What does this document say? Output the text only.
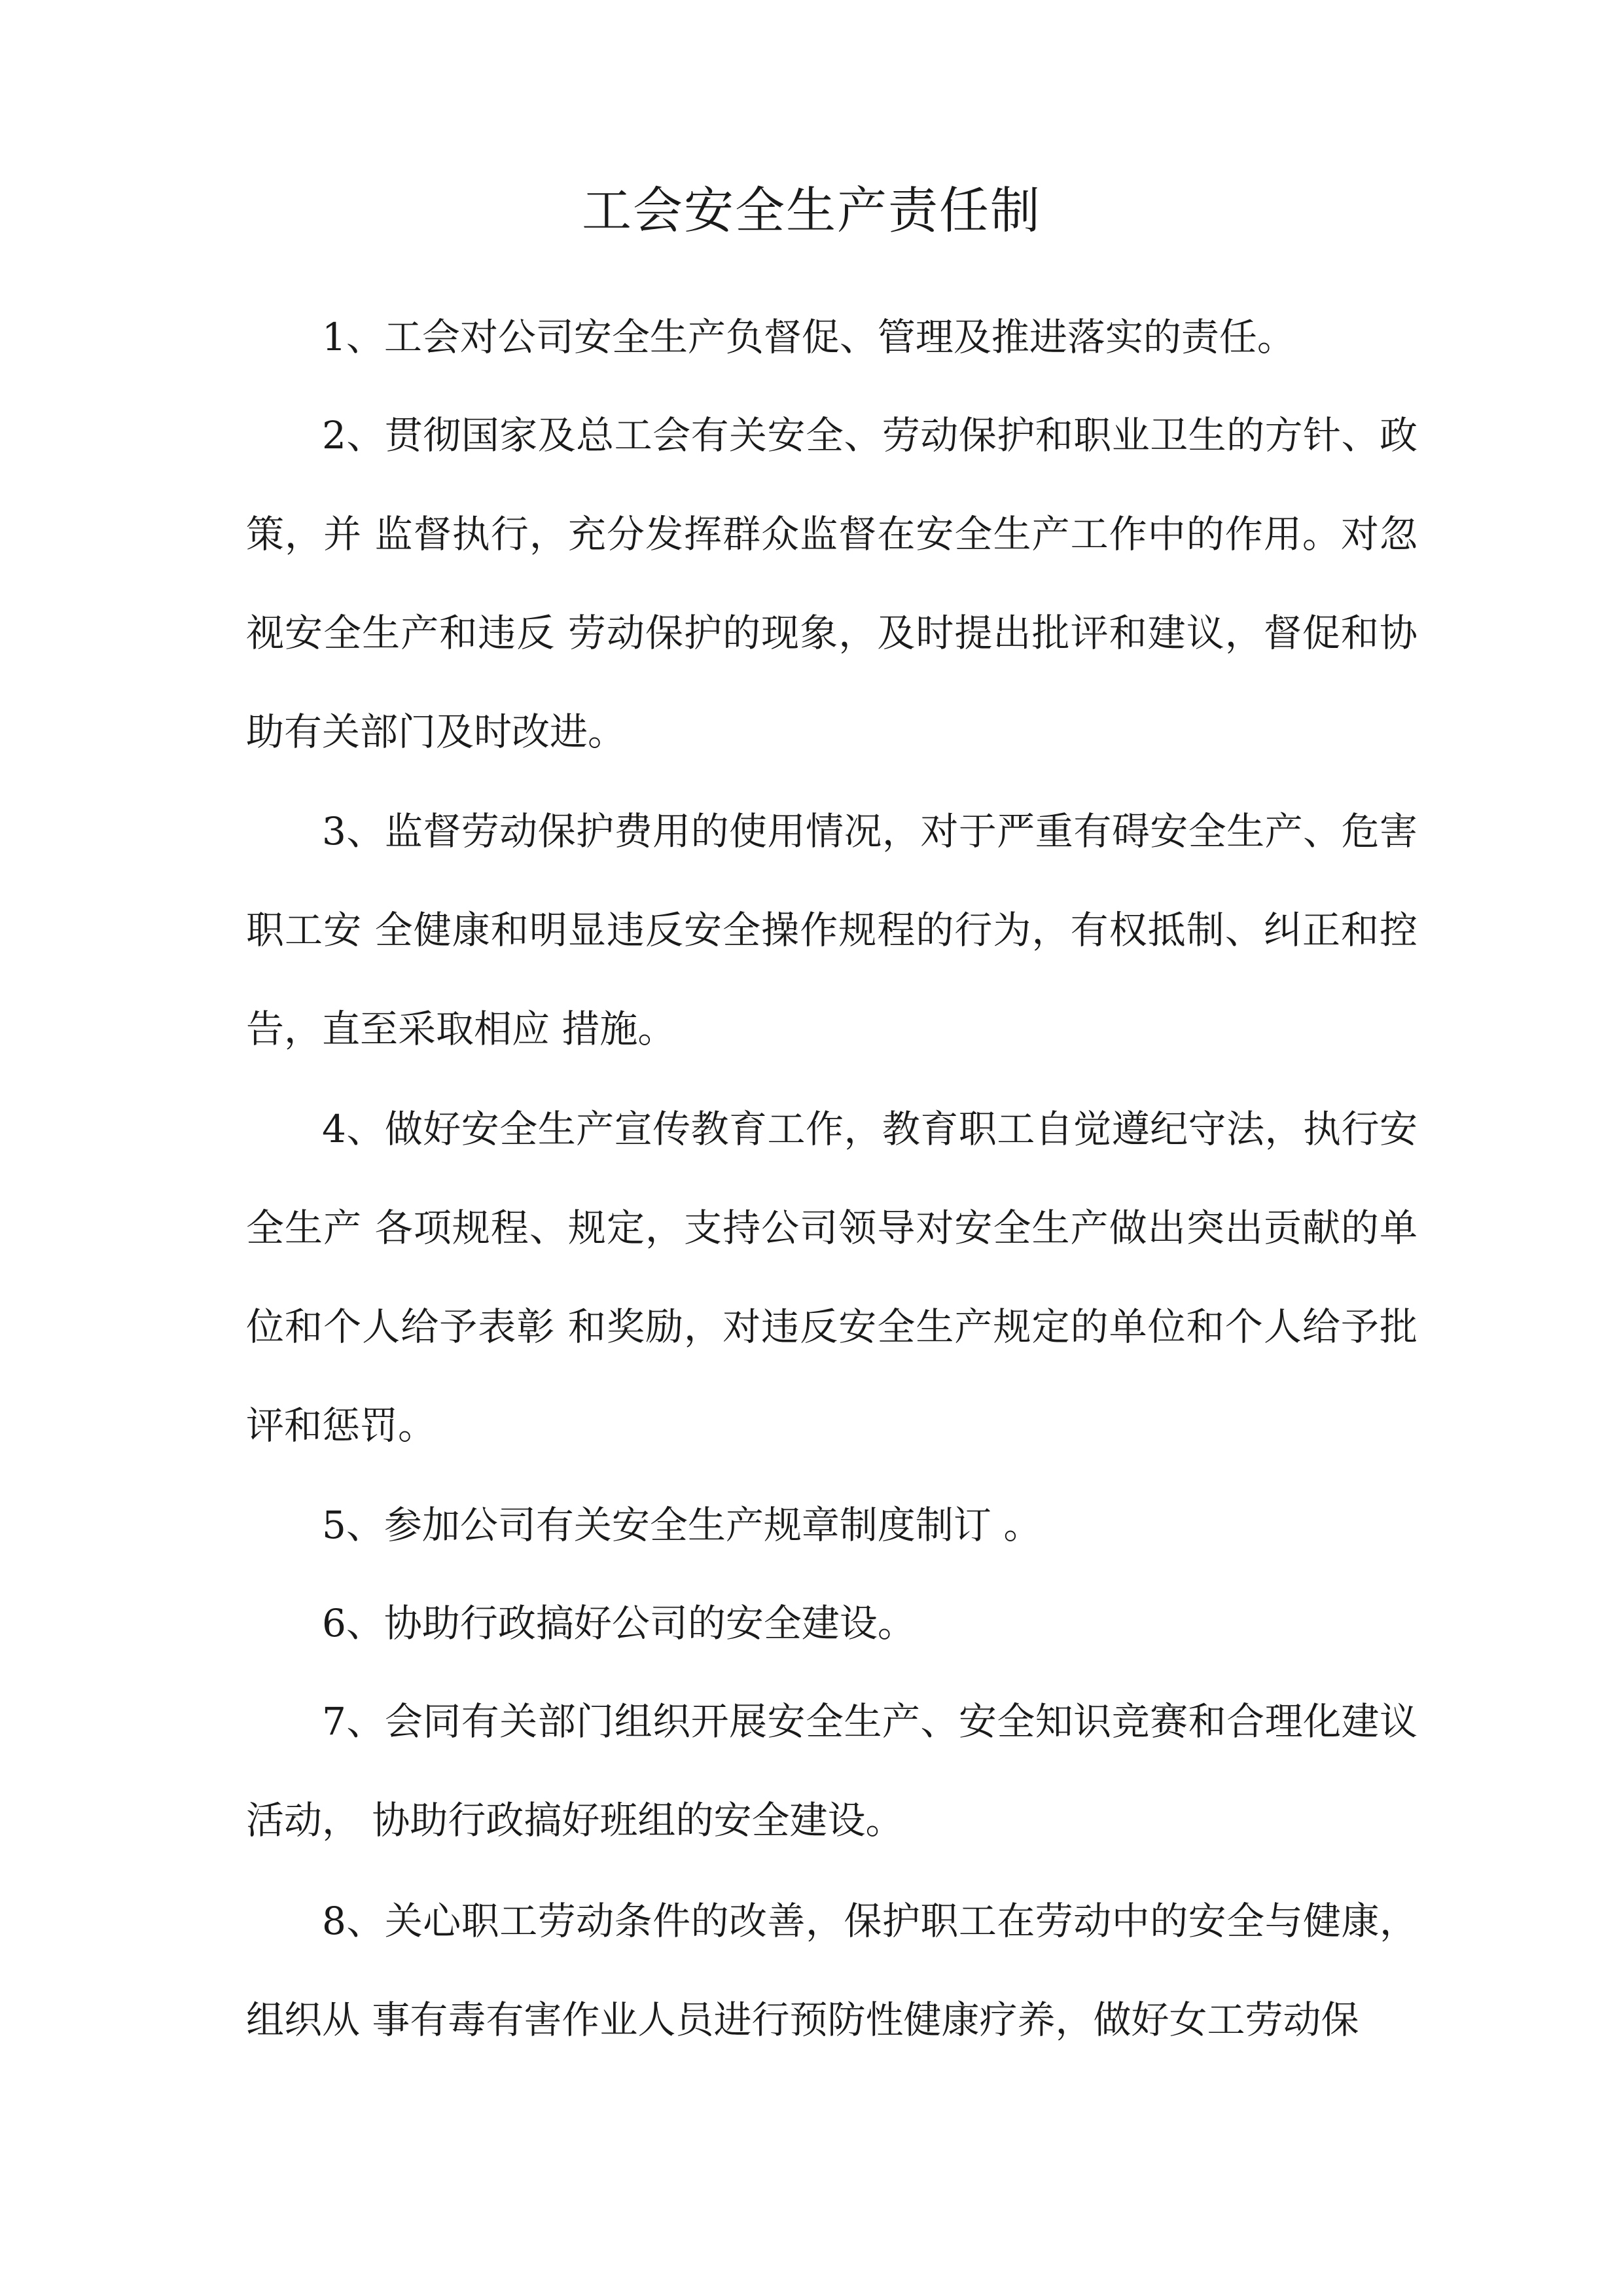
工会安全生产责任制

1、工会对公司安全生产负督促、管理及推进落实的责任。

2、贯彻国家及总工会有关安全、劳动保护和职业卫生的方针、政策，并 监督执行，充分发挥群众监督在安全生产工作中的作用。对忽视安全生产和违反 劳动保护的现象，及时提出批评和建议，督促和协助有关部门及时改进。

3、监督劳动保护费用的使用情况，对于严重有碍安全生产、危害职工安 全健康和明显违反安全操作规程的行为，有权抵制、纠正和控告，直至采取相应 措施。

4、做好安全生产宣传教育工作，教育职工自觉遵纪守法，执行安全生产 各项规程、规定，支持公司领导对安全生产做出突出贡献的单位和个人给予表彰 和奖励，对违反安全生产规定的单位和个人给予批评和惩罚。

5、参加公司有关安全生产规章制度制订 。

6、协助行政搞好公司的安全建设。

7、会同有关部门组织开展安全生产、安全知识竞赛和合理化建议活动， 协助行政搞好班组的安全建设。

8、关心职工劳动条件的改善，保护职工在劳动中的安全与健康，组织从 事有毒有害作业人员进行预防性健康疗养，做好女工劳动保
